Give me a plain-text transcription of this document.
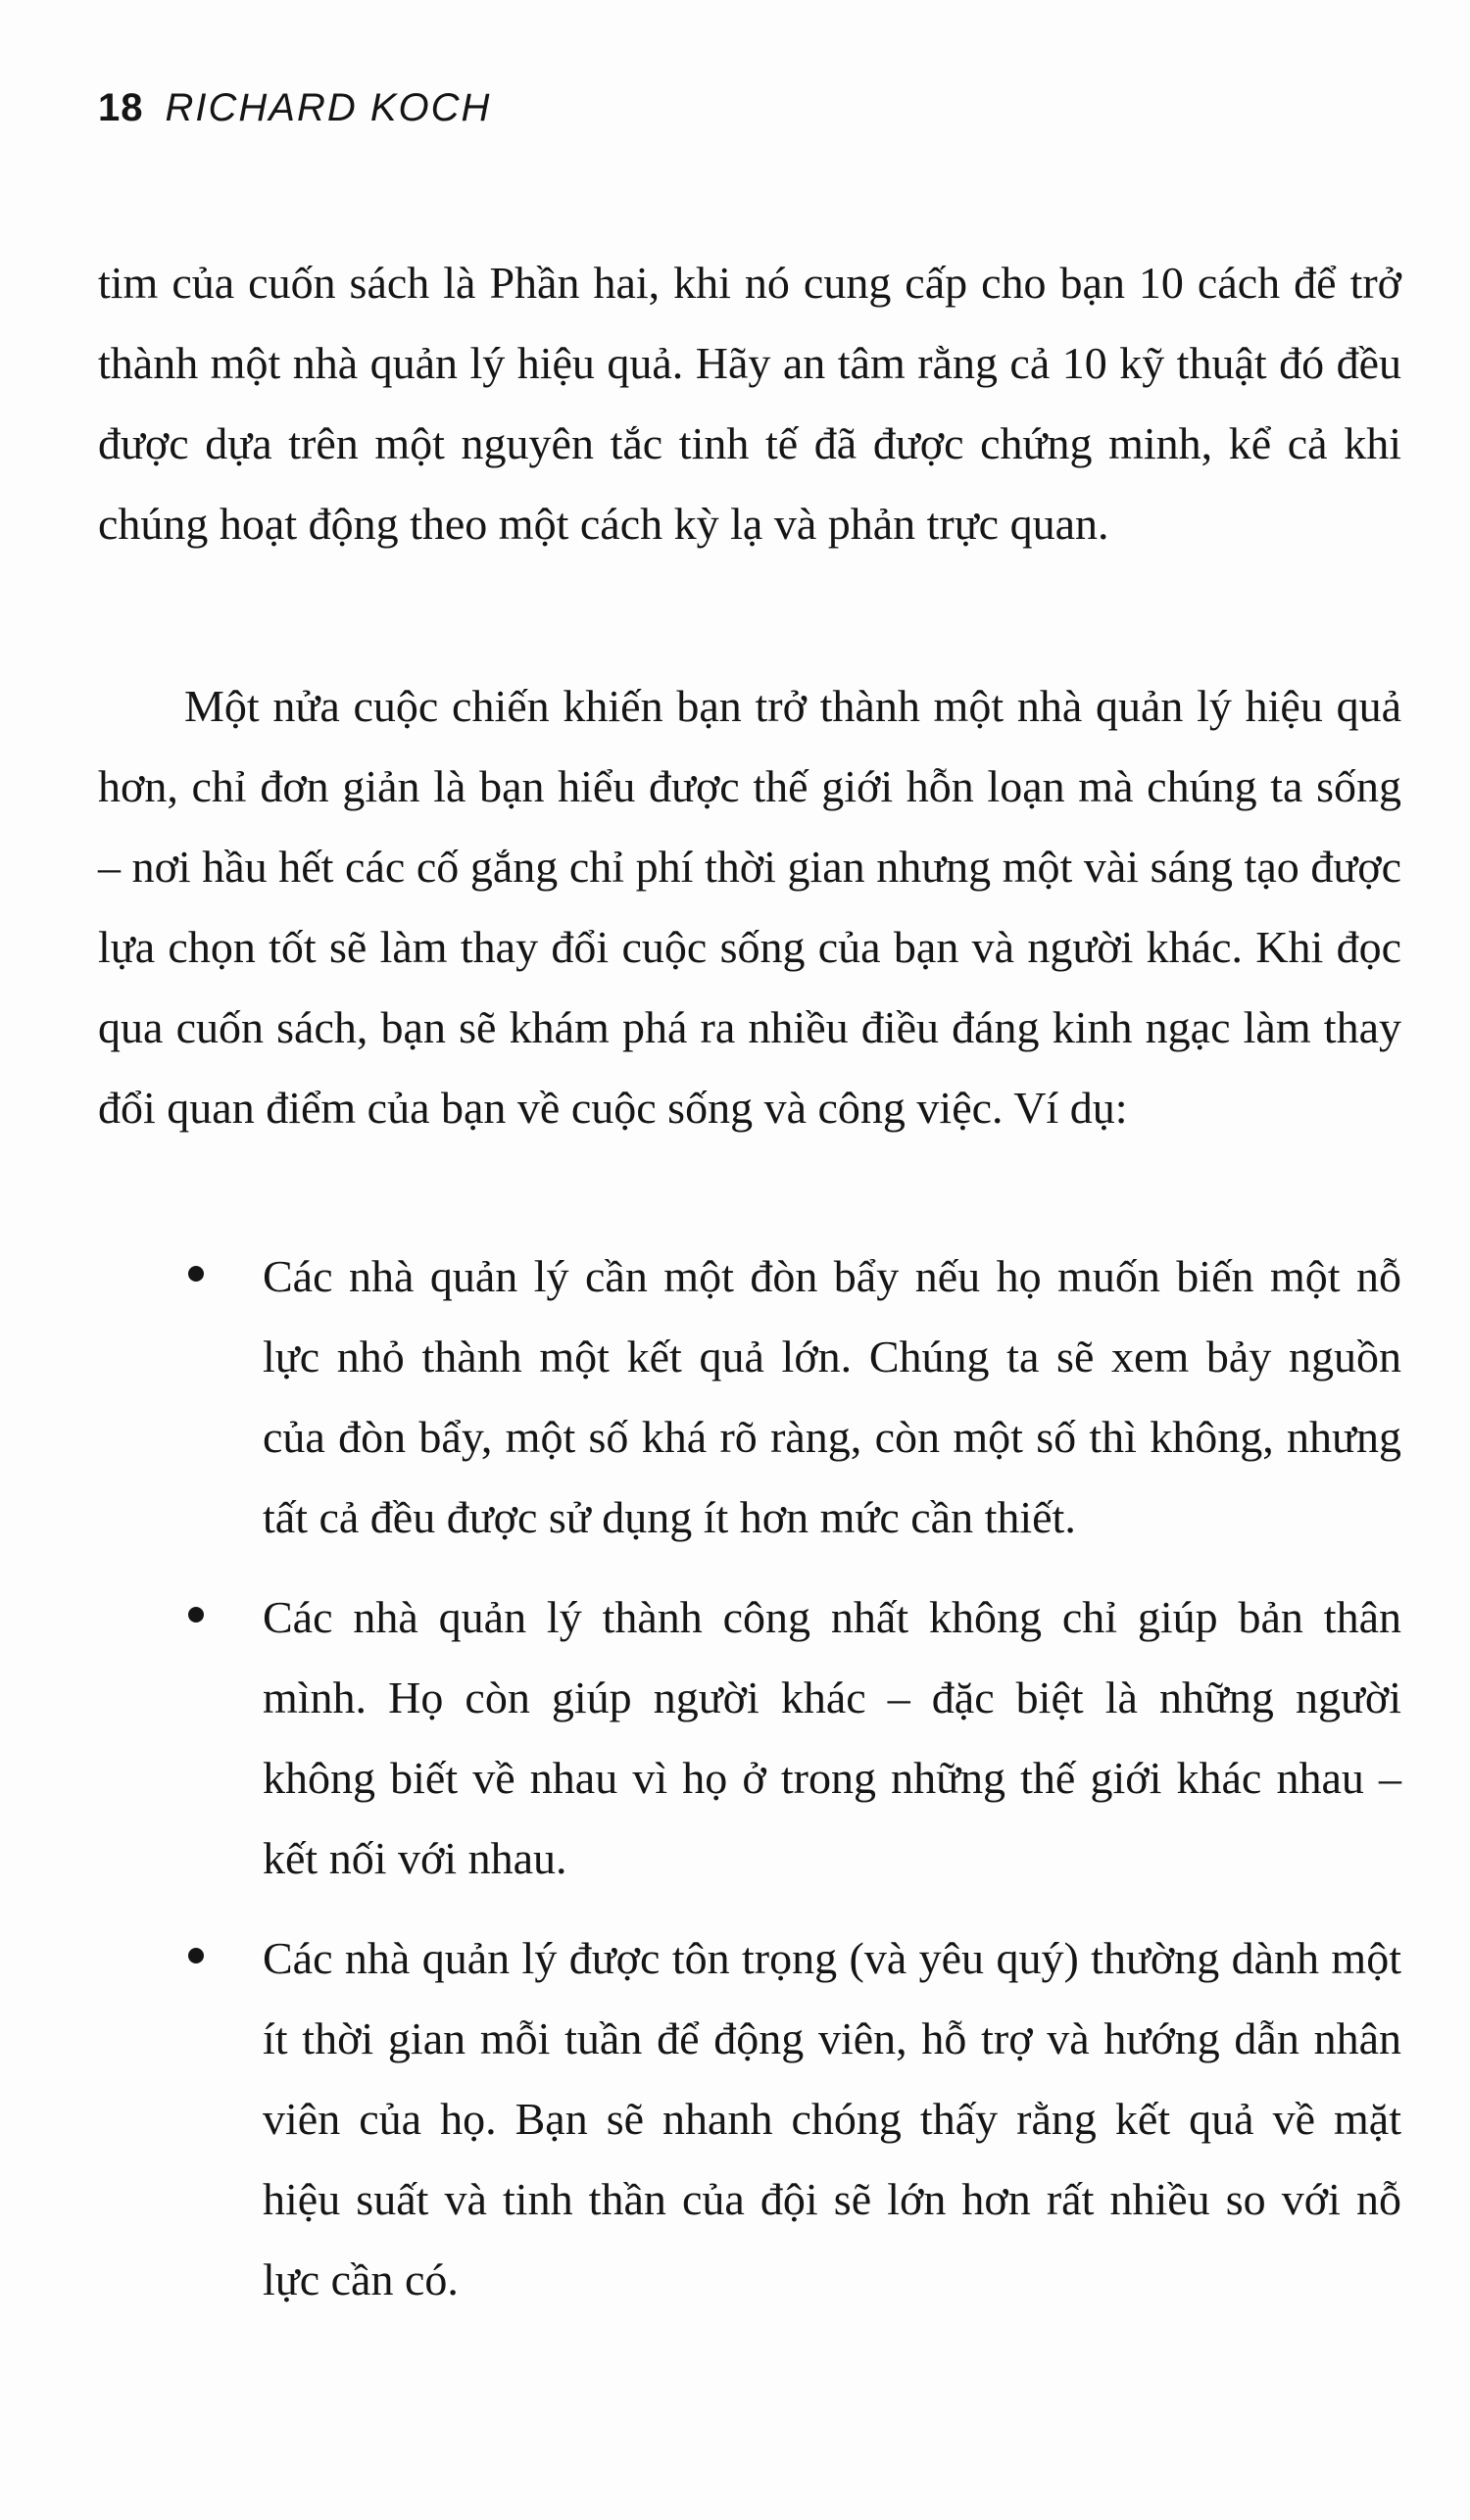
18 RICHARD KOCH

tim của cuốn sách là Phần hai, khi nó cung cấp cho bạn 10 cách để trở thành một nhà quản lý hiệu quả. Hãy an tâm rằng cả 10 kỹ thuật đó đều được dựa trên một nguyên tắc tinh tế đã được chứng minh, kể cả khi chúng hoạt động theo một cách kỳ lạ và phản trực quan.

Một nửa cuộc chiến khiến bạn trở thành một nhà quản lý hiệu quả hơn, chỉ đơn giản là bạn hiểu được thế giới hỗn loạn mà chúng ta sống – nơi hầu hết các cố gắng chỉ phí thời gian nhưng một vài sáng tạo được lựa chọn tốt sẽ làm thay đổi cuộc sống của bạn và người khác. Khi đọc qua cuốn sách, bạn sẽ khám phá ra nhiều điều đáng kinh ngạc làm thay đổi quan điểm của bạn về cuộc sống và công việc. Ví dụ:

Các nhà quản lý cần một đòn bẩy nếu họ muốn biến một nỗ lực nhỏ thành một kết quả lớn. Chúng ta sẽ xem bảy nguồn của đòn bẩy, một số khá rõ ràng, còn một số thì không, nhưng tất cả đều được sử dụng ít hơn mức cần thiết.
Các nhà quản lý thành công nhất không chỉ giúp bản thân mình. Họ còn giúp người khác – đặc biệt là những người không biết về nhau vì họ ở trong những thế giới khác nhau – kết nối với nhau.
Các nhà quản lý được tôn trọng (và yêu quý) thường dành một ít thời gian mỗi tuần để động viên, hỗ trợ và hướng dẫn nhân viên của họ. Bạn sẽ nhanh chóng thấy rằng kết quả về mặt hiệu suất và tinh thần của đội sẽ lớn hơn rất nhiều so với nỗ lực cần có.
